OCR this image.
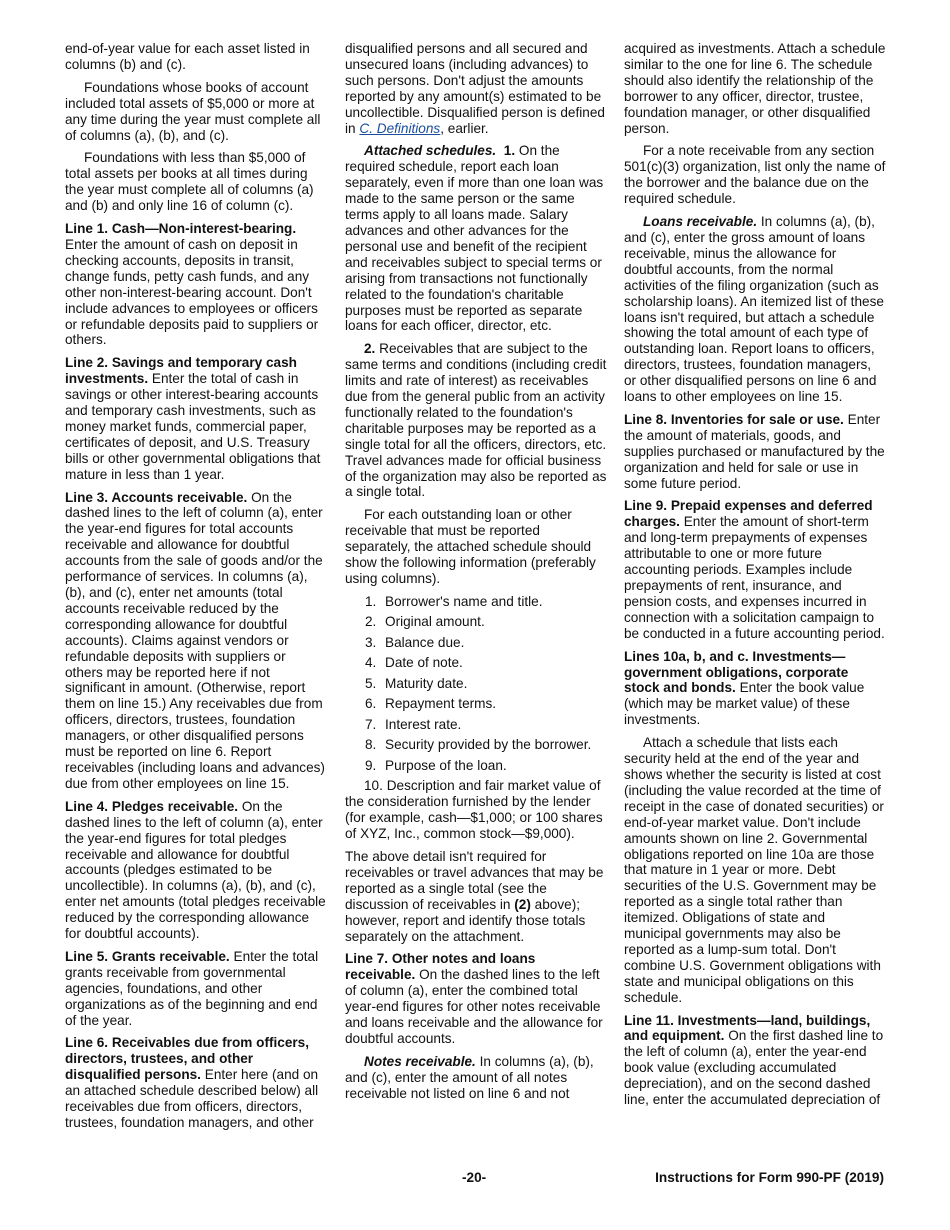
end-of-year value for each asset listed in columns (b) and (c).

Foundations whose books of account included total assets of $5,000 or more at any time during the year must complete all of columns (a), (b), and (c).

Foundations with less than $5,000 of total assets per books at all times during the year must complete all of columns (a) and (b) and only line 16 of column (c).

Line 1. Cash—Non-interest-bearing. Enter the amount of cash on deposit in checking accounts, deposits in transit, change funds, petty cash funds, and any other non-interest-bearing account. Don't include advances to employees or officers or refundable deposits paid to suppliers or others.

Line 2. Savings and temporary cash investments. Enter the total of cash in savings or other interest-bearing accounts and temporary cash investments, such as money market funds, commercial paper, certificates of deposit, and U.S. Treasury bills or other governmental obligations that mature in less than 1 year.

Line 3. Accounts receivable. On the dashed lines to the left of column (a), enter the year-end figures for total accounts receivable and allowance for doubtful accounts from the sale of goods and/or the performance of services. In columns (a), (b), and (c), enter net amounts (total accounts receivable reduced by the corresponding allowance for doubtful accounts). Claims against vendors or refundable deposits with suppliers or others may be reported here if not significant in amount. (Otherwise, report them on line 15.) Any receivables due from officers, directors, trustees, foundation managers, or other disqualified persons must be reported on line 6. Report receivables (including loans and advances) due from other employees on line 15.

Line 4. Pledges receivable. On the dashed lines to the left of column (a), enter the year-end figures for total pledges receivable and allowance for doubtful accounts (pledges estimated to be uncollectible). In columns (a), (b), and (c), enter net amounts (total pledges receivable reduced by the corresponding allowance for doubtful accounts).

Line 5. Grants receivable. Enter the total grants receivable from governmental agencies, foundations, and other organizations as of the beginning and end of the year.

Line 6. Receivables due from officers, directors, trustees, and other disqualified persons. Enter here (and on an attached schedule described below) all receivables due from officers, directors, trustees, foundation managers, and other

disqualified persons and all secured and unsecured loans (including advances) to such persons. Don't adjust the amounts reported by any amount(s) estimated to be uncollectible. Disqualified person is defined in C. Definitions, earlier.

Attached schedules. 1. On the required schedule, report each loan separately, even if more than one loan was made to the same person or the same terms apply to all loans made. Salary advances and other advances for the personal use and benefit of the recipient and receivables subject to special terms or arising from transactions not functionally related to the foundation's charitable purposes must be reported as separate loans for each officer, director, etc.

2. Receivables that are subject to the same terms and conditions (including credit limits and rate of interest) as receivables due from the general public from an activity functionally related to the foundation's charitable purposes may be reported as a single total for all the officers, directors, etc. Travel advances made for official business of the organization may also be reported as a single total.

For each outstanding loan or other receivable that must be reported separately, the attached schedule should show the following information (preferably using columns).

1. Borrower's name and title.
2. Original amount.
3. Balance due.
4. Date of note.
5. Maturity date.
6. Repayment terms.
7. Interest rate.
8. Security provided by the borrower.
9. Purpose of the loan.

10. Description and fair market value of the consideration furnished by the lender (for example, cash—$1,000; or 100 shares of XYZ, Inc., common stock—$9,000).

The above detail isn't required for receivables or travel advances that may be reported as a single total (see the discussion of receivables in (2) above); however, report and identify those totals separately on the attachment.

Line 7. Other notes and loans receivable. On the dashed lines to the left of column (a), enter the combined total year-end figures for other notes receivable and loans receivable and the allowance for doubtful accounts.

Notes receivable. In columns (a), (b), and (c), enter the amount of all notes receivable not listed on line 6 and not

acquired as investments. Attach a schedule similar to the one for line 6. The schedule should also identify the relationship of the borrower to any officer, director, trustee, foundation manager, or other disqualified person.

For a note receivable from any section 501(c)(3) organization, list only the name of the borrower and the balance due on the required schedule.

Loans receivable. In columns (a), (b), and (c), enter the gross amount of loans receivable, minus the allowance for doubtful accounts, from the normal activities of the filing organization (such as scholarship loans). An itemized list of these loans isn't required, but attach a schedule showing the total amount of each type of outstanding loan. Report loans to officers, directors, trustees, foundation managers, or other disqualified persons on line 6 and loans to other employees on line 15.

Line 8. Inventories for sale or use. Enter the amount of materials, goods, and supplies purchased or manufactured by the organization and held for sale or use in some future period.

Line 9. Prepaid expenses and deferred charges. Enter the amount of short-term and long-term prepayments of expenses attributable to one or more future accounting periods. Examples include prepayments of rent, insurance, and pension costs, and expenses incurred in connection with a solicitation campaign to be conducted in a future accounting period.

Lines 10a, b, and c. Investments—government obligations, corporate stock and bonds. Enter the book value (which may be market value) of these investments.

Attach a schedule that lists each security held at the end of the year and shows whether the security is listed at cost (including the value recorded at the time of receipt in the case of donated securities) or end-of-year market value. Don't include amounts shown on line 2. Governmental obligations reported on line 10a are those that mature in 1 year or more. Debt securities of the U.S. Government may be reported as a single total rather than itemized. Obligations of state and municipal governments may also be reported as a lump-sum total. Don't combine U.S. Government obligations with state and municipal obligations on this schedule.

Line 11. Investments—land, buildings, and equipment. On the first dashed line to the left of column (a), enter the year-end book value (excluding accumulated depreciation), and on the second dashed line, enter the accumulated depreciation of

-20-	Instructions for Form 990-PF (2019)
